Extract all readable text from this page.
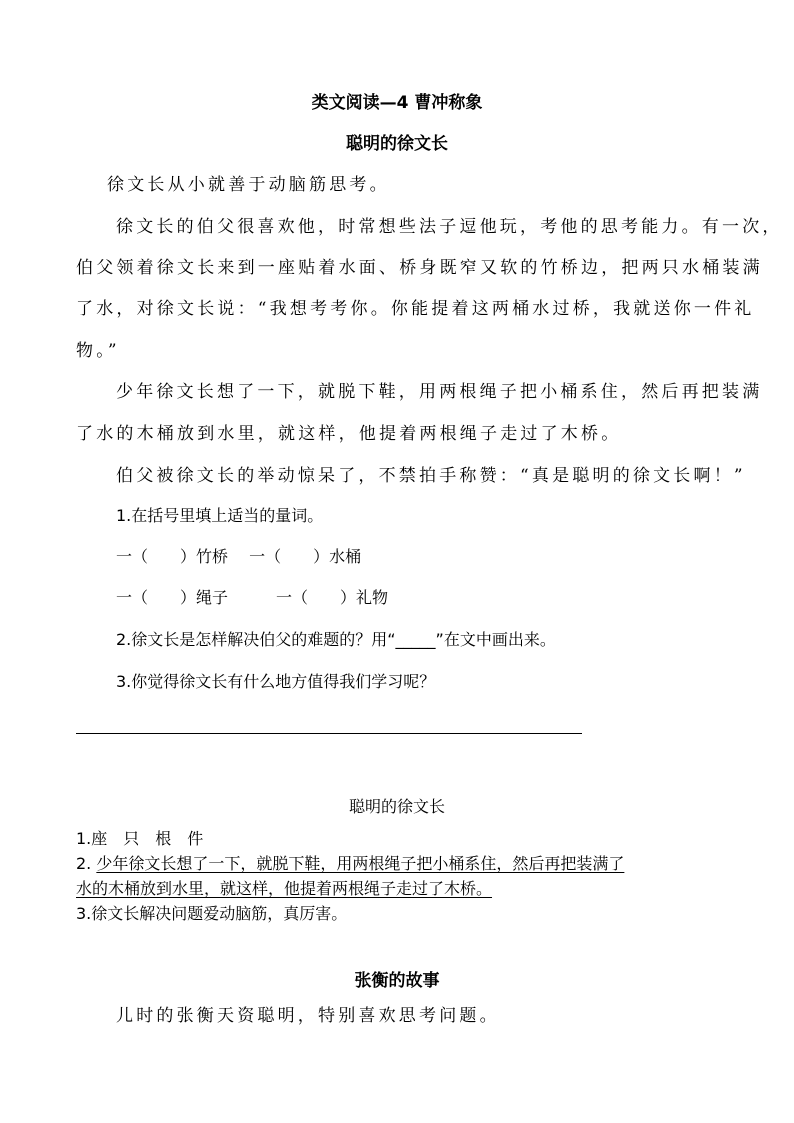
类文阅读—4 曹冲称象
聪明的徐文长
徐文长从小就善于动脑筋思考。
徐文长的伯父很喜欢他，时常想些法子逗他玩，考他的思考能力。有一次，
伯父领着徐文长来到一座贴着水面、桥身既窄又软的竹桥边，把两只水桶装满
了水，对徐文长说：“我想考考你。你能提着这两桶水过桥，我就送你一件礼
物。”
少年徐文长想了一下，就脱下鞋，用两根绳子把小桶系住，然后再把装满
了水的木桶放到水里，就这样，他提着两根绳子走过了木桥。
伯父被徐文长的举动惊呆了，不禁拍手称赞：“真是聪明的徐文长啊！”
1.在括号里填上适当的量词。
一（　　）竹桥　 一（　　）水桶
一（　　）绳子　　　一（　　）礼物
2.徐文长是怎样解决伯父的难题的？用“_____”在文中画出来。
3.你觉得徐文长有什么地方值得我们学习呢？
聪明的徐文长
1.座　只　根　件
2. 少年徐文长想了一下，就脱下鞋，用两根绳子把小桶系住，然后再把装满了
水的木桶放到水里，就这样，他提着两根绳子走过了木桥。
3.徐文长解决问题爱动脑筋，真厉害。
张衡的故事
儿时的张衡天资聪明，特别喜欢思考问题。
